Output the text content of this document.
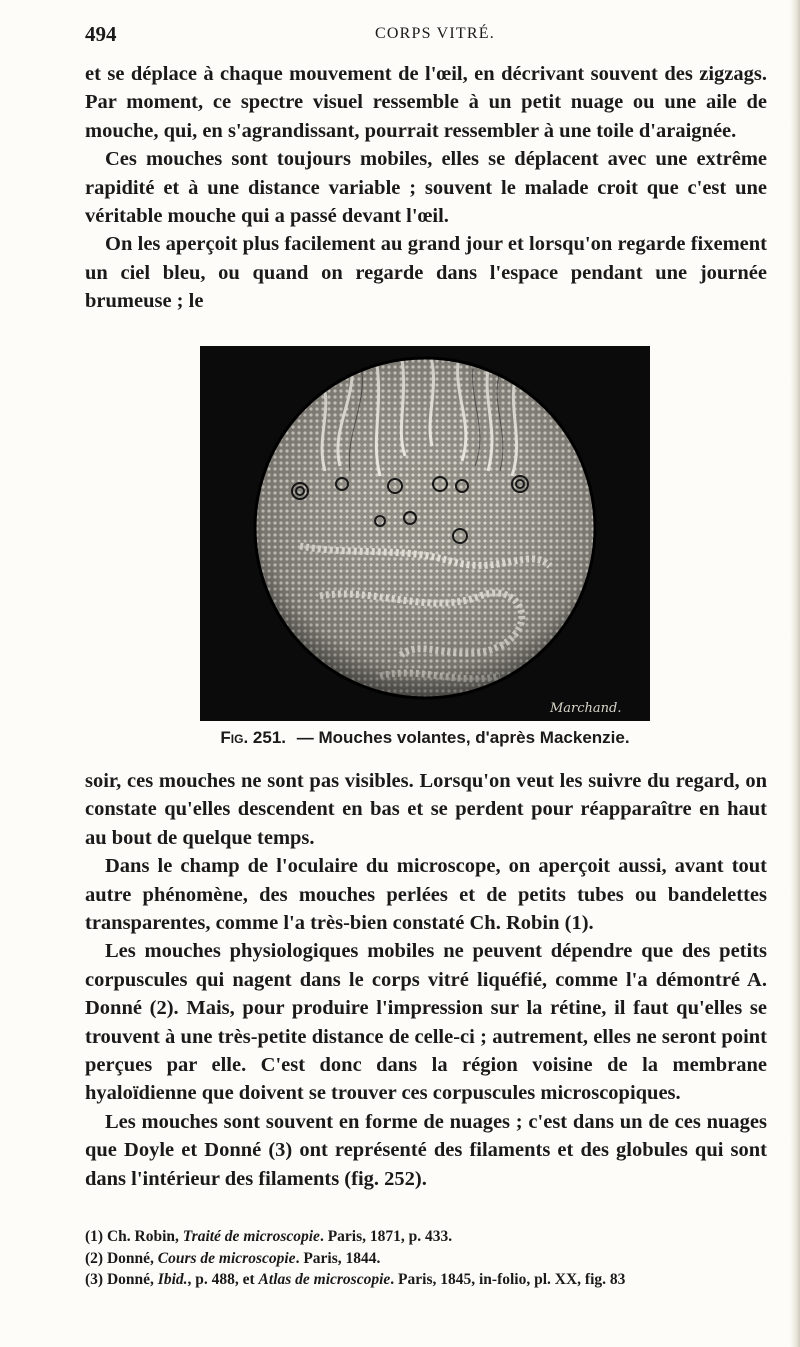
494	CORPS VITRÉ.

et se déplace à chaque mouvement de l'œil, en décrivant souvent des zigzags. Par moment, ce spectre visuel ressemble à un petit nuage ou une aile de mouche, qui, en s'agrandissant, pourrait ressembler à une toile d'araignée.

Ces mouches sont toujours mobiles, elles se déplacent avec une extrême rapidité et à une distance variable ; souvent le malade croit que c'est une véritable mouche qui a passé devant l'œil.

On les aperçoit plus facilement au grand jour et lorsqu'on regarde fixement un ciel bleu, ou quand on regarde dans l'espace pendant une journée brumeuse ; le

Marchand.
Fig. 251. — Mouches volantes, d'après Mackenzie.

soir, ces mouches ne sont pas visibles. Lorsqu'on veut les suivre du regard, on constate qu'elles descendent en bas et se perdent pour réapparaître en haut au bout de quelque temps.

Dans le champ de l'oculaire du microscope, on aperçoit aussi, avant tout autre phénomène, des mouches perlées et de petits tubes ou bandelettes transparentes, comme l'a très-bien constaté Ch. Robin (1).

Les mouches physiologiques mobiles ne peuvent dépendre que des petits corpuscules qui nagent dans le corps vitré liquéfié, comme l'a démontré A. Donné (2). Mais, pour produire l'impression sur la rétine, il faut qu'elles se trouvent à une très-petite distance de celle-ci ; autrement, elles ne seront point perçues par elle. C'est donc dans la région voisine de la membrane hyaloïdienne que doivent se trouver ces corpuscules microscopiques.

Les mouches sont souvent en forme de nuages ; c'est dans un de ces nuages que Doyle et Donné (3) ont représenté des filaments et des globules qui sont dans l'intérieur des filaments (fig. 252).

(1) Ch. Robin, Traité de microscopie. Paris, 1871, p. 433.
(2) Donné, Cours de microscopie. Paris, 1844.
(3) Donné, Ibid., p. 488, et Atlas de microscopie. Paris, 1845, in-folio, pl. XX, fig. 83
